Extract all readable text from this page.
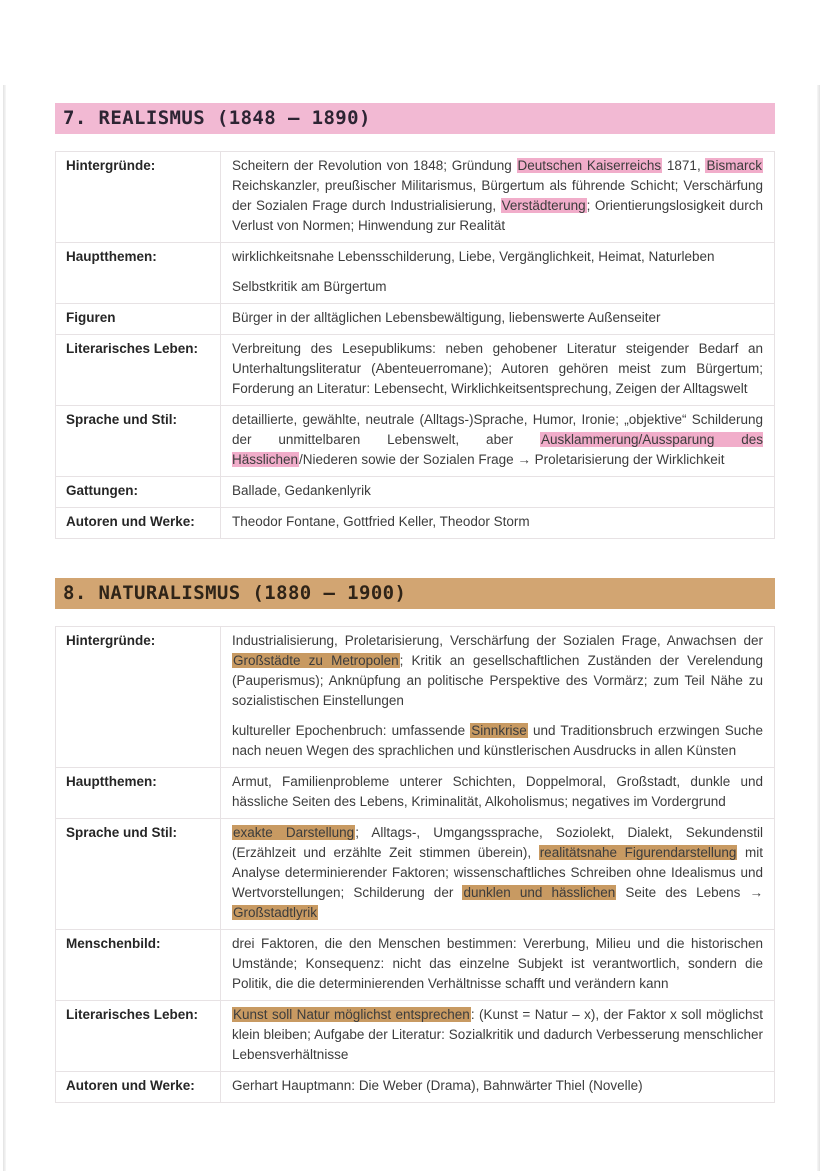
7. REALISMUS (1848 – 1890)
Hintergründe:	Scheitern der Revolution von 1848; Gründung Deutschen Kaiserreichs 1871, Bismarck Reichskanzler, preußischer Militarismus, Bürgertum als führende Schicht; Verschärfung der Sozialen Frage durch Industrialisierung, Verstädterung; Orientierungslosigkeit durch Verlust von Normen; Hinwendung zur Realität

Hauptthemen:	wirklichkeitsnahe Lebensschilderung, Liebe, Vergänglichkeit, Heimat, Naturleben

Selbstkritik am Bürgertum

Figuren	Bürger in der alltäglichen Lebensbewältigung, liebenswerte Außenseiter

Literarisches Leben:	Verbreitung des Lesepublikums: neben gehobener Literatur steigender Bedarf an Unterhaltungsliteratur (Abenteuerromane); Autoren gehören meist zum Bürgertum; Forderung an Literatur: Lebensecht, Wirklichkeitsentsprechung, Zeigen der Alltagswelt

Sprache und Stil:	detaillierte, gewählte, neutrale (Alltags-)Sprache, Humor, Ironie; „objektive“ Schilderung der unmittelbaren Lebenswelt, aber Ausklammerung/Aussparung des Hässlichen/Niederen sowie der Sozialen Frage → Proletarisierung der Wirklichkeit

Gattungen:	Ballade, Gedankenlyrik

Autoren und Werke:	Theodor Fontane, Gottfried Keller, Theodor Storm

8. NATURALISMUS (1880 – 1900)
Hintergründe:	Industrialisierung, Proletarisierung, Verschärfung der Sozialen Frage, Anwachsen der Großstädte zu Metropolen; Kritik an gesellschaftlichen Zuständen der Verelendung (Pauperismus); Anknüpfung an politische Perspektive des Vormärz; zum Teil Nähe zu sozialistischen Einstellungen

kultureller Epochenbruch: umfassende Sinnkrise und Traditionsbruch erzwingen Suche nach neuen Wegen des sprachlichen und künstlerischen Ausdrucks in allen Künsten

Hauptthemen:	Armut, Familienprobleme unterer Schichten, Doppelmoral, Großstadt, dunkle und hässliche Seiten des Lebens, Kriminalität, Alkoholismus; negatives im Vordergrund

Sprache und Stil:	exakte Darstellung; Alltags-, Umgangssprache, Soziolekt, Dialekt, Sekundenstil (Erzählzeit und erzählte Zeit stimmen überein), realitätsnahe Figurendarstellung mit Analyse determinierender Faktoren; wissenschaftliches Schreiben ohne Idealismus und Wertvorstellungen; Schilderung der dunklen und hässlichen Seite des Lebens → Großstadtlyrik

Menschenbild:	drei Faktoren, die den Menschen bestimmen: Vererbung, Milieu und die historischen Umstände; Konsequenz: nicht das einzelne Subjekt ist verantwortlich, sondern die Politik, die die determinierenden Verhältnisse schafft und verändern kann

Literarisches Leben:	Kunst soll Natur möglichst entsprechen: (Kunst = Natur – x), der Faktor x soll möglichst klein bleiben; Aufgabe der Literatur: Sozialkritik und dadurch Verbesserung menschlicher Lebensverhältnisse

Autoren und Werke:	Gerhart Hauptmann: Die Weber (Drama), Bahnwärter Thiel (Novelle)
